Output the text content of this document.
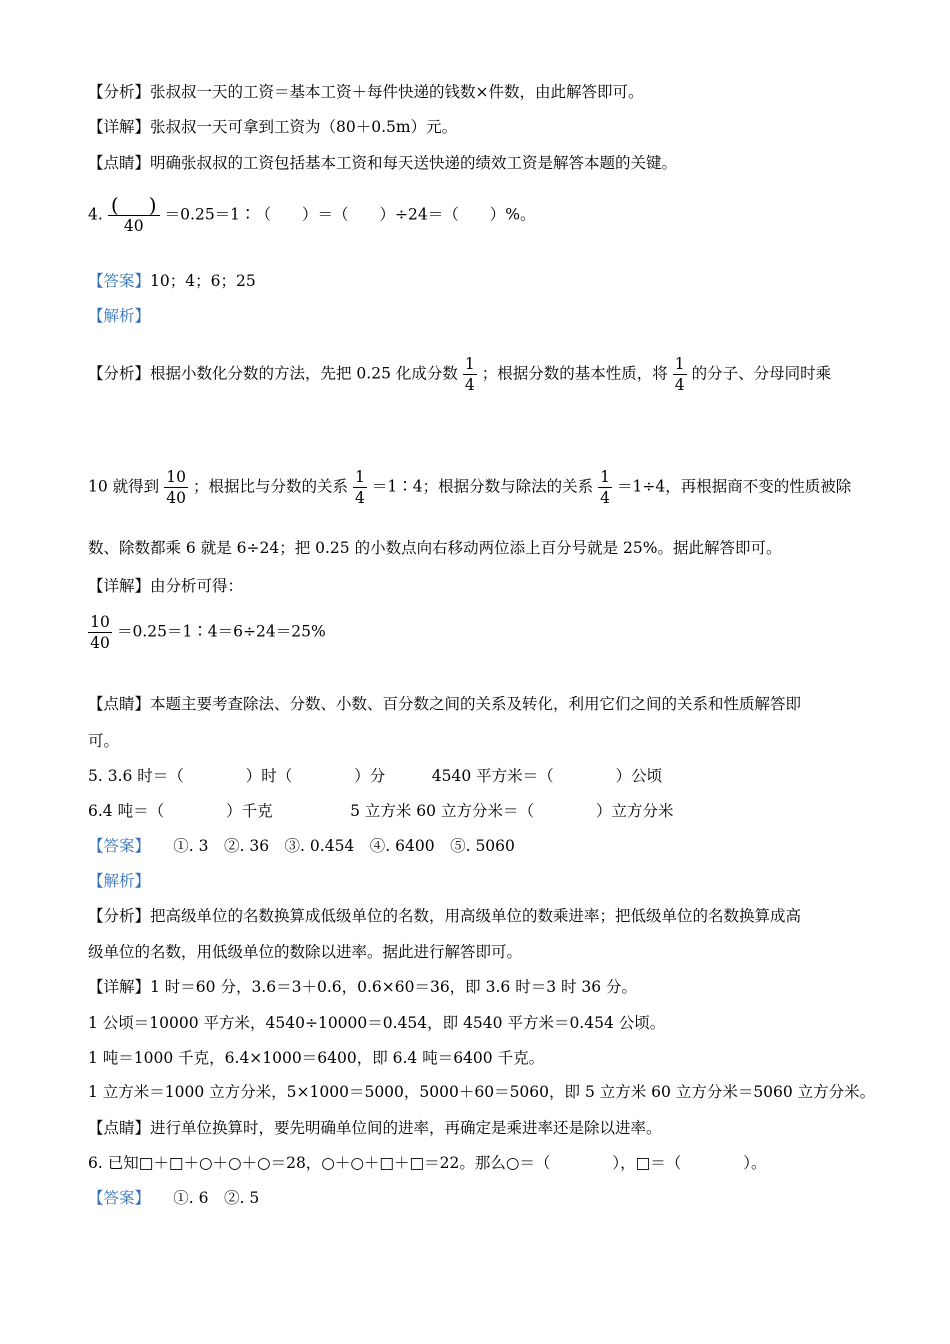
【分析】张叔叔一天的工资＝基本工资＋每件快递的钱数×件数，由此解答即可。
【详解】张叔叔一天可拿到工资为（80＋0.5m）元。
【点睛】明确张叔叔的工资包括基本工资和每天送快递的绩效工资是解答本题的关键。
4. $\frac{( )}{40}$ ＝0.25＝1∶（　　）＝（　　）÷24＝（　　）%。
【答案】10；4；6；25
【解析】
【分析】根据小数化分数的方法，先把 0.25 化成分数 $\frac{1}{4}$ ；根据分数的基本性质，将 $\frac{1}{4}$ 的分子、分母同时乘
10 就得到 $\frac{10}{40}$ ；根据比与分数的关系 $\frac{1}{4}$ ＝1∶4；根据分数与除法的关系 $\frac{1}{4} =1\div 4$，再根据商不变的性质被除
数、除数都乘 6 就是 6÷24；把 0.25 的小数点向右移动两位添上百分号就是 25%。据此解答即可。
【详解】由分析可得：
$\frac{10}{40}$ ＝0.25＝1∶4＝6÷24＝25%
【点睛】本题主要考查除法、分数、小数、百分数之间的关系及转化，利用它们之间的关系和性质解答即
可。
5. 3.6 时＝（　　　　）时（　　　　）分　　　4540 平方米＝（　　　　）公顷
6.4 吨＝（　　　　）千克　　　　　5 立方米 60 立方分米＝（　　　　）立方分米
【答案】　　①. 3　②. 36　③. 0.454　④. 6400　⑤. 5060
【解析】
【分析】把高级单位的名数换算成低级单位的名数，用高级单位的数乘进率；把低级单位的名数换算成高
级单位的名数，用低级单位的数除以进率。据此进行解答即可。
【详解】1 时＝60 分，3.6＝3＋0.6，0.6×60＝36，即 3.6 时＝3 时 36 分。
1 公顷＝10000 平方米，4540÷10000＝0.454，即 4540 平方米＝0.454 公顷。
1 吨＝1000 千克，6.4×1000＝6400，即 6.4 吨＝6400 千克。
1 立方米＝1000 立方分米，5×1000＝5000，5000＋60＝5060，即 5 立方米 60 立方分米＝5060 立方分米。
【点睛】进行单位换算时，要先明确单位间的进率，再确定是乘进率还是除以进率。
6. 已知□＋□＋○＋○＋○＝28，○＋○＋□＋□＝22。那么○＝（　　　　），□＝（　　　　）。
【答案】　　①. 6　②. 5
